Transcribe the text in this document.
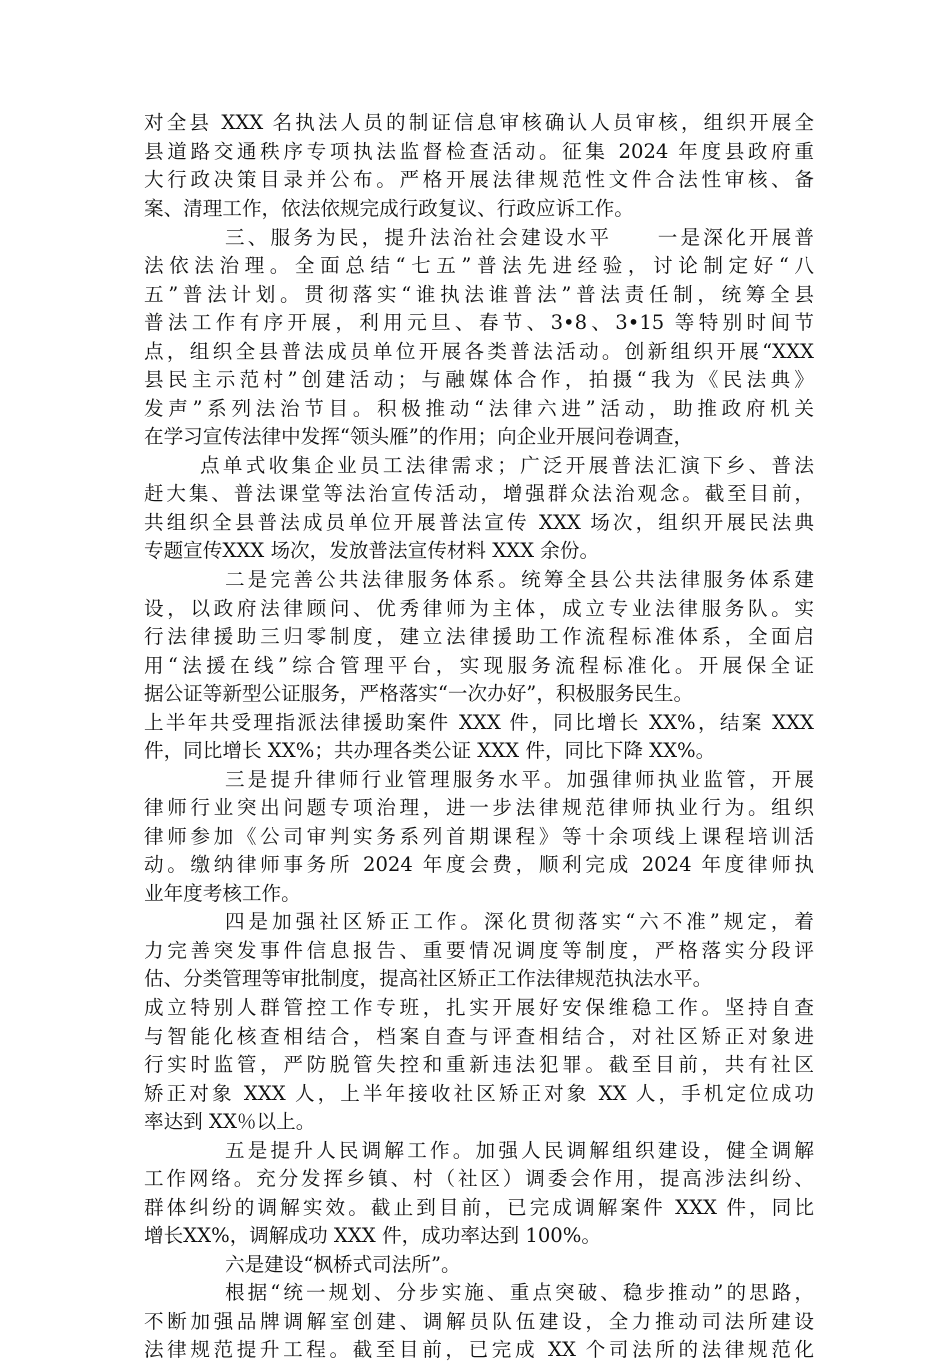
对全县 XXX 名执法人员的制证信息审核确认人员审核，组织开展全
县道路交通秩序专项执法监督检查活动。征集 2024 年度县政府重
大行政决策目录并公布。严格开展法律规范性文件合法性审核、备
案、清理工作，依法依规完成行政复议、行政应诉工作。
三、服务为民，提升法治社会建设水平　　一是深化开展普
法依法治理。全面总结“七五”普法先进经验，讨论制定好“八
五”普法计划。贯彻落实“谁执法谁普法”普法责任制，统筹全县
普法工作有序开展，利用元旦、春节、3•8、3•15 等特别时间节
点，组织全县普法成员单位开展各类普法活动。创新组织开展“XXX
县民主示范村”创建活动；与融媒体合作，拍摄“我为《民法典》
发声”系列法治节目。积极推动“法律六进”活动，助推政府机关
在学习宣传法律中发挥“领头雁”的作用；向企业开展问卷调查，
点单式收集企业员工法律需求；广泛开展普法汇演下乡、普法
赶大集、普法课堂等法治宣传活动，增强群众法治观念。截至目前，
共组织全县普法成员单位开展普法宣传 XXX 场次，组织开展民法典
专题宣传XXX 场次，发放普法宣传材料 XXX 余份。
二是完善公共法律服务体系。统筹全县公共法律服务体系建
设，以政府法律顾问、优秀律师为主体，成立专业法律服务队。实
行法律援助三归零制度，建立法律援助工作流程标准体系，全面启
用“法援在线”综合管理平台，实现服务流程标准化。开展保全证
据公证等新型公证服务，严格落实“一次办好”，积极服务民生。
上半年共受理指派法律援助案件 XXX 件，同比增长 XX%，结案 XXX
件，同比增长 XX%；共办理各类公证 XXX 件，同比下降 XX%。
三是提升律师行业管理服务水平。加强律师执业监管，开展
律师行业突出问题专项治理，进一步法律规范律师执业行为。组织
律师参加《公司审判实务系列首期课程》等十余项线上课程培训活
动。缴纳律师事务所 2024 年度会费，顺利完成 2024 年度律师执
业年度考核工作。
四是加强社区矫正工作。深化贯彻落实“六不准”规定，着
力完善突发事件信息报告、重要情况调度等制度，严格落实分段评
估、分类管理等审批制度，提高社区矫正工作法律规范执法水平。
成立特别人群管控工作专班，扎实开展好安保维稳工作。坚持自查
与智能化核查相结合，档案自查与评查相结合，对社区矫正对象进
行实时监管，严防脱管失控和重新违法犯罪。截至目前，共有社区
矫正对象 XXX 人，上半年接收社区矫正对象 XX 人，手机定位成功
率达到 XX％以上。
五是提升人民调解工作。加强人民调解组织建设，健全调解
工作网络。充分发挥乡镇、村（社区）调委会作用，提高涉法纠纷、
群体纠纷的调解实效。截止到目前，已完成调解案件 XXX 件，同比
增长XX%，调解成功 XXX 件，成功率达到 100%。
六是建设“枫桥式司法所”。
根据“统一规划、分步实施、重点突破、稳步推动”的思路，
不断加强品牌调解室创建、调解员队伍建设，全力推动司法所建设
法律规范提升工程。截至目前，已完成 XX 个司法所的法律规范化
